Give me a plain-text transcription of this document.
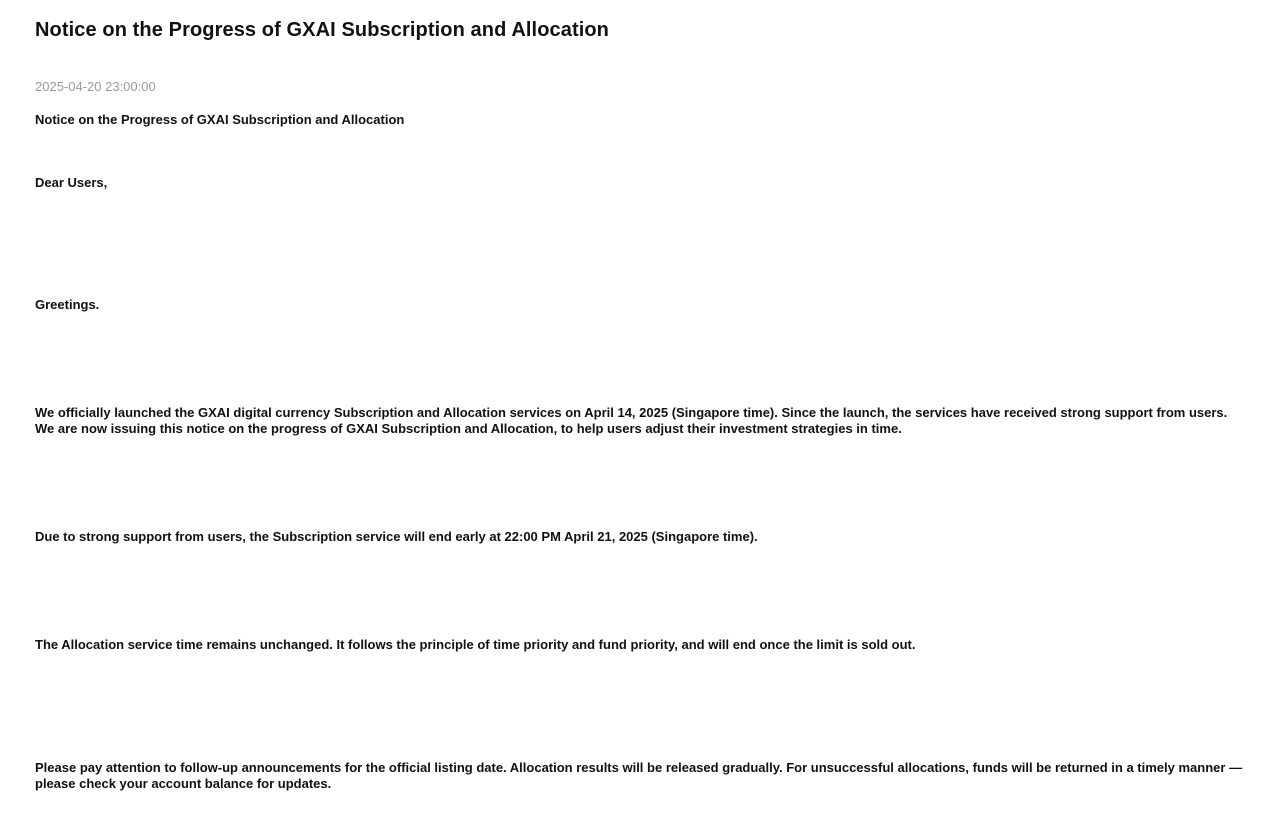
Notice on the Progress of GXAI Subscription and Allocation

2025-04-20 23:00:00

Notice on the Progress of GXAI Subscription and Allocation

Dear Users,

Greetings.

We officially launched the GXAI digital currency Subscription and Allocation services on April 14, 2025 (Singapore time). Since the launch, the services have received strong support from users. We are now issuing this notice on the progress of GXAI Subscription and Allocation, to help users adjust their investment strategies in time.

Due to strong support from users, the Subscription service will end early at 22:00 PM April 21, 2025 (Singapore time).

The Allocation service time remains unchanged. It follows the principle of time priority and fund priority, and will end once the limit is sold out.

Please pay attention to follow-up announcements for the official listing date. Allocation results will be released gradually. For unsuccessful allocations, funds will be returned in a timely manner — please check your account balance for updates.
